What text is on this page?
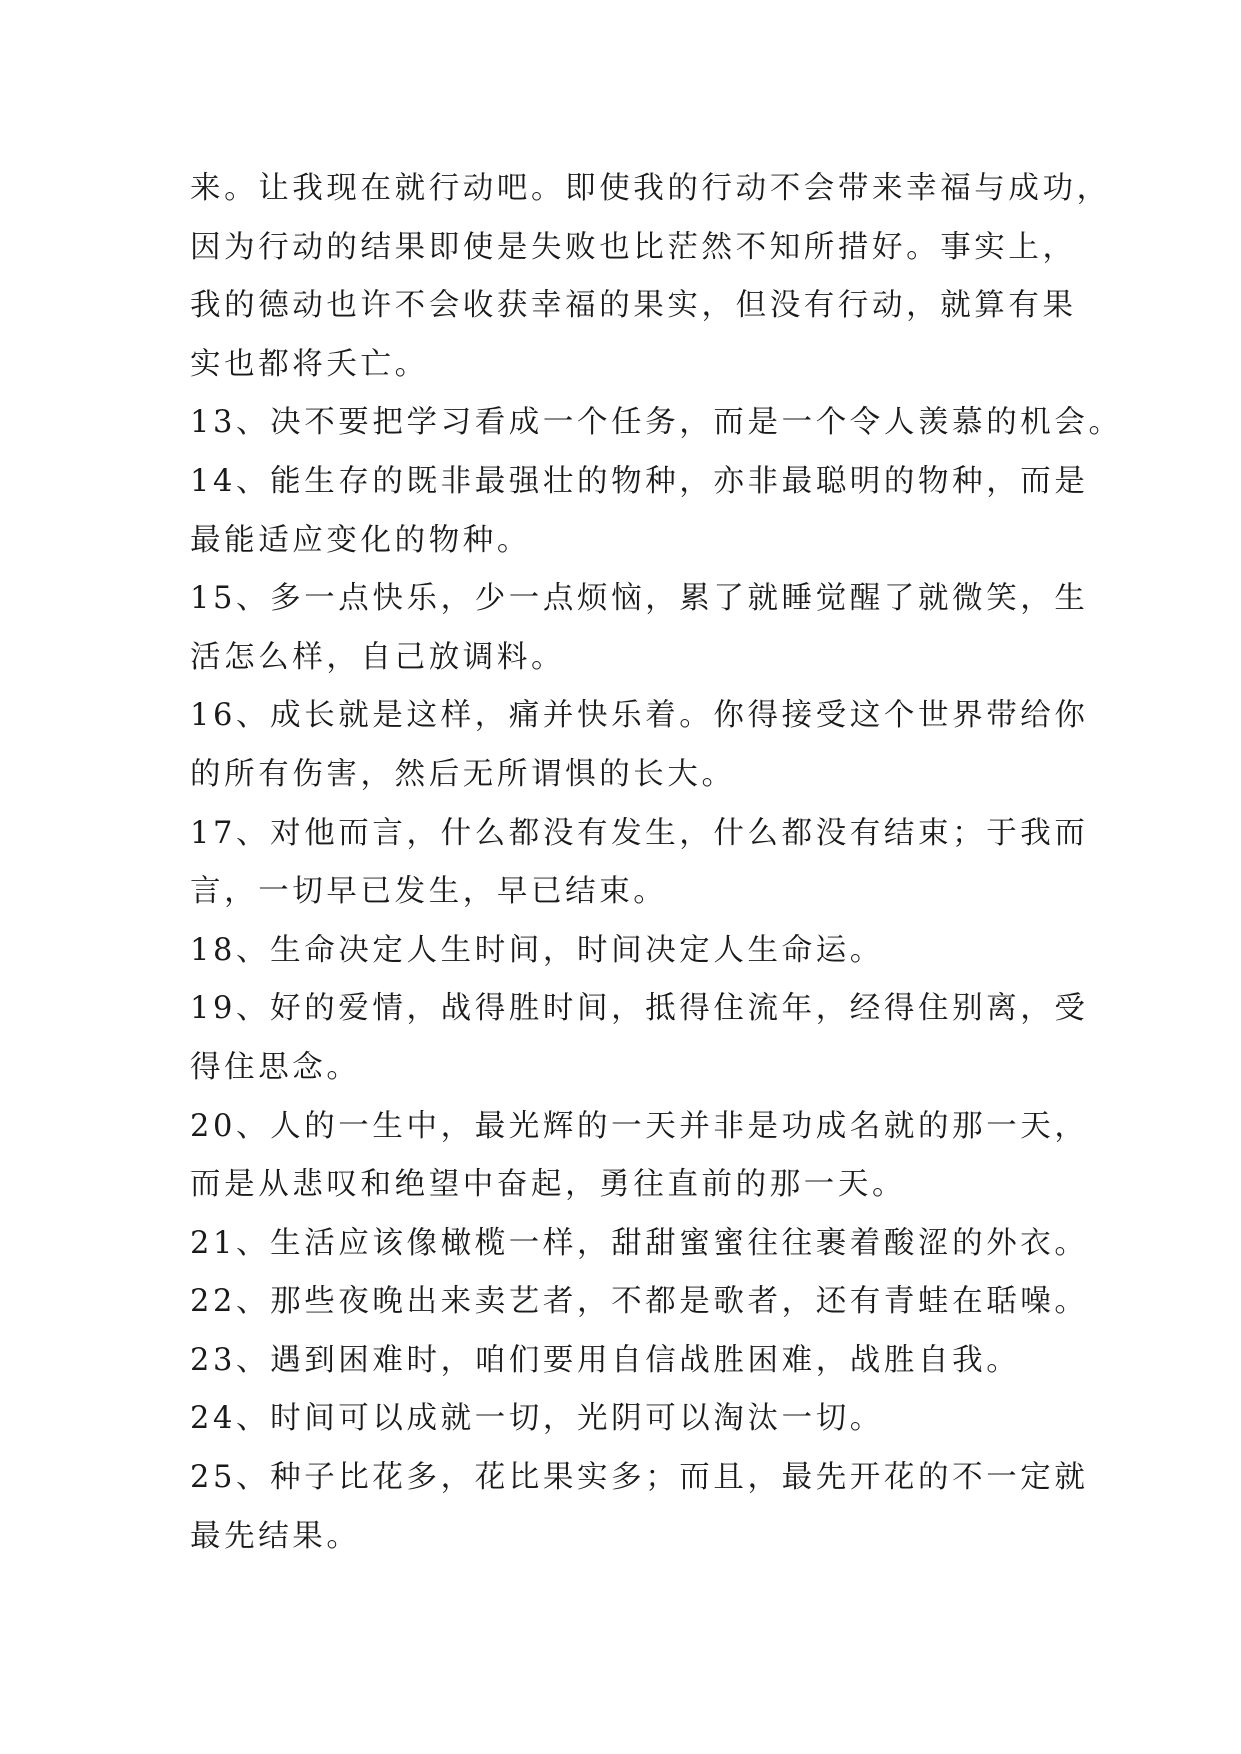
来。让我现在就行动吧。即使我的行动不会带来幸福与成功，
因为行动的结果即使是失败也比茫然不知所措好。事实上，
我的德动也许不会收获幸福的果实，但没有行动，就算有果
实也都将夭亡。
13、决不要把学习看成一个任务，而是一个令人羡慕的机会。
14、能生存的既非最强壮的物种，亦非最聪明的物种，而是
最能适应变化的物种。
15、多一点快乐，少一点烦恼，累了就睡觉醒了就微笑，生
活怎么样，自己放调料。
16、成长就是这样，痛并快乐着。你得接受这个世界带给你
的所有伤害，然后无所谓惧的长大。
17、对他而言，什么都没有发生，什么都没有结束；于我而
言，一切早已发生，早已结束。
18、生命决定人生时间，时间决定人生命运。
19、好的爱情，战得胜时间，抵得住流年，经得住别离，受
得住思念。
20、人的一生中，最光辉的一天并非是功成名就的那一天，
而是从悲叹和绝望中奋起，勇往直前的那一天。
21、生活应该像橄榄一样，甜甜蜜蜜往往裹着酸涩的外衣。
22、那些夜晚出来卖艺者，不都是歌者，还有青蛙在聒噪。
23、遇到困难时，咱们要用自信战胜困难，战胜自我。
24、时间可以成就一切，光阴可以淘汰一切。
25、种子比花多，花比果实多；而且，最先开花的不一定就
最先结果。
